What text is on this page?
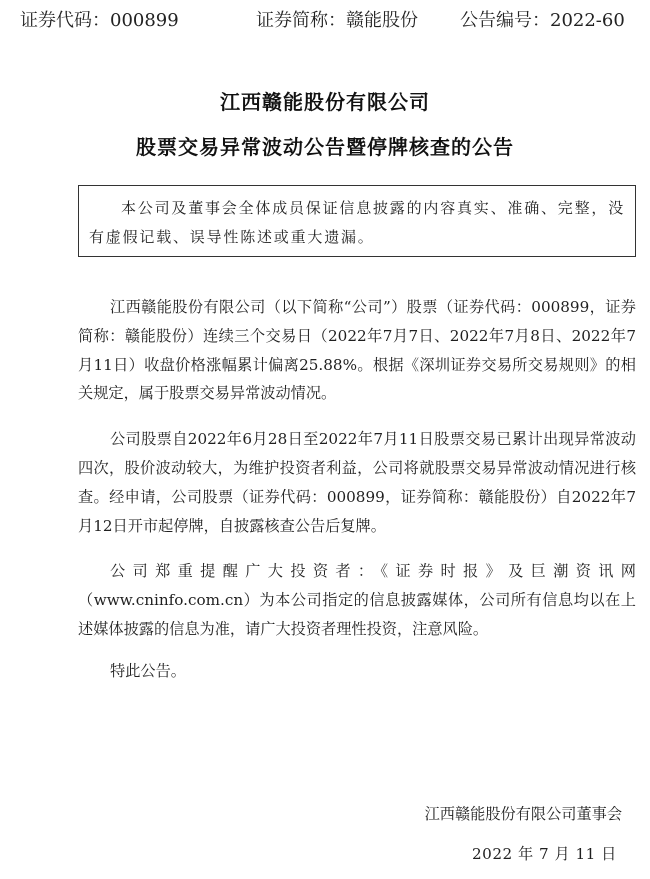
证券代码：000899	证券简称：赣能股份 公告编号：2022-60
江西赣能股份有限公司
股票交易异常波动公告暨停牌核查的公告
本公司及董事会全体成员保证信息披露的内容真实、准确、完整，没有虚假记载、误导性陈述或重大遗漏。

江西赣能股份有限公司（以下简称“公司”）股票（证券代码：000899，证券简称：赣能股份）连续三个交易日（2022年7月7日、2022年7月8日、2022年7月11日）收盘价格涨幅累计偏离25.88%。根据《深圳证券交易所交易规则》的相关规定，属于股票交易异常波动情况。

公司股票自2022年6月28日至2022年7月11日股票交易已累计出现异常波动四次，股价波动较大，为维护投资者利益，公司将就股票交易异常波动情况进行核查。经申请，公司股票（证券代码：000899，证券简称：赣能股份）自2022年7月12日开市起停牌，自披露核查公告后复牌。

公司郑重提醒广大投资者：《证券时报》及巨潮资讯网（www.cninfo.com.cn）为本公司指定的信息披露媒体，公司所有信息均以在上述媒体披露的信息为准，请广大投资者理性投资，注意风险。

特此公告。

江西赣能股份有限公司董事会
2022 年 7 月 11 日
